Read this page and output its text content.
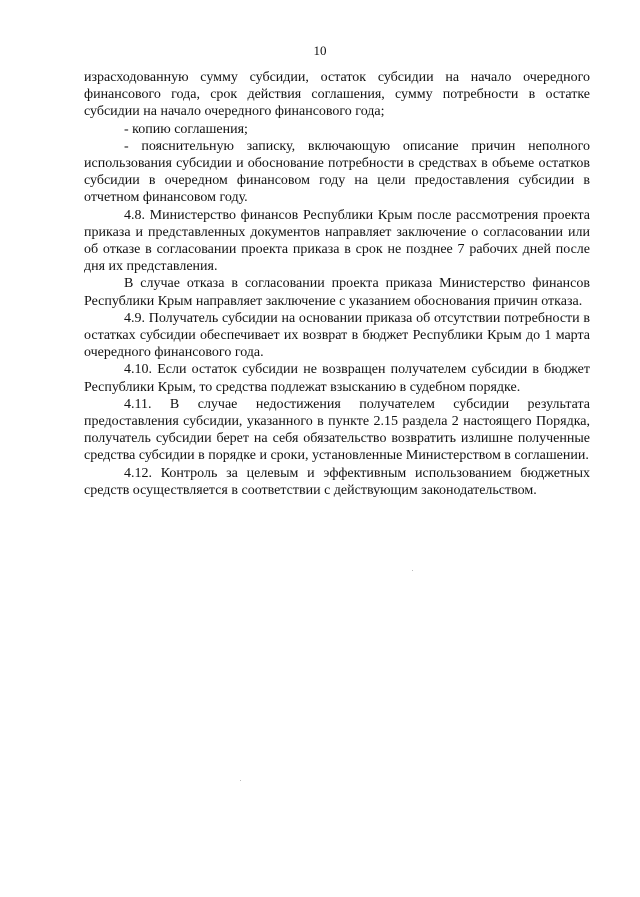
10

израсходованную сумму субсидии, остаток субсидии на начало очередного финансового года, срок действия соглашения, сумму потребности в остатке субсидии на начало очередного финансового года;

- копию соглашения;

- пояснительную записку, включающую описание причин неполного использования субсидии и обоснование потребности в средствах в объеме остатков субсидии в очередном финансовом году на цели предоставления субсидии в отчетном финансовом году.

4.8. Министерство финансов Республики Крым после рассмотрения проекта приказа и представленных документов направляет заключение о согласовании или об отказе в согласовании проекта приказа в срок не позднее 7 рабочих дней после дня их представления.

В случае отказа в согласовании проекта приказа Министерство финансов Республики Крым направляет заключение с указанием обоснования причин отказа.

4.9. Получатель субсидии на основании приказа об отсутствии потребности в остатках субсидии обеспечивает их возврат в бюджет Республики Крым до 1 марта очередного финансового года.

4.10. Если остаток субсидии не возвращен получателем субсидии в бюджет Республики Крым, то средства подлежат взысканию в судебном порядке.

4.11. В случае недостижения получателем субсидии результата предоставления субсидии, указанного в пункте 2.15 раздела 2 настоящего Порядка, получатель субсидии берет на себя обязательство возвратить излишне полученные средства субсидии в порядке и сроки, установленные Министерством в соглашении.

4.12. Контроль за целевым и эффективным использованием бюджетных средств осуществляется в соответствии с действующим законодательством.
